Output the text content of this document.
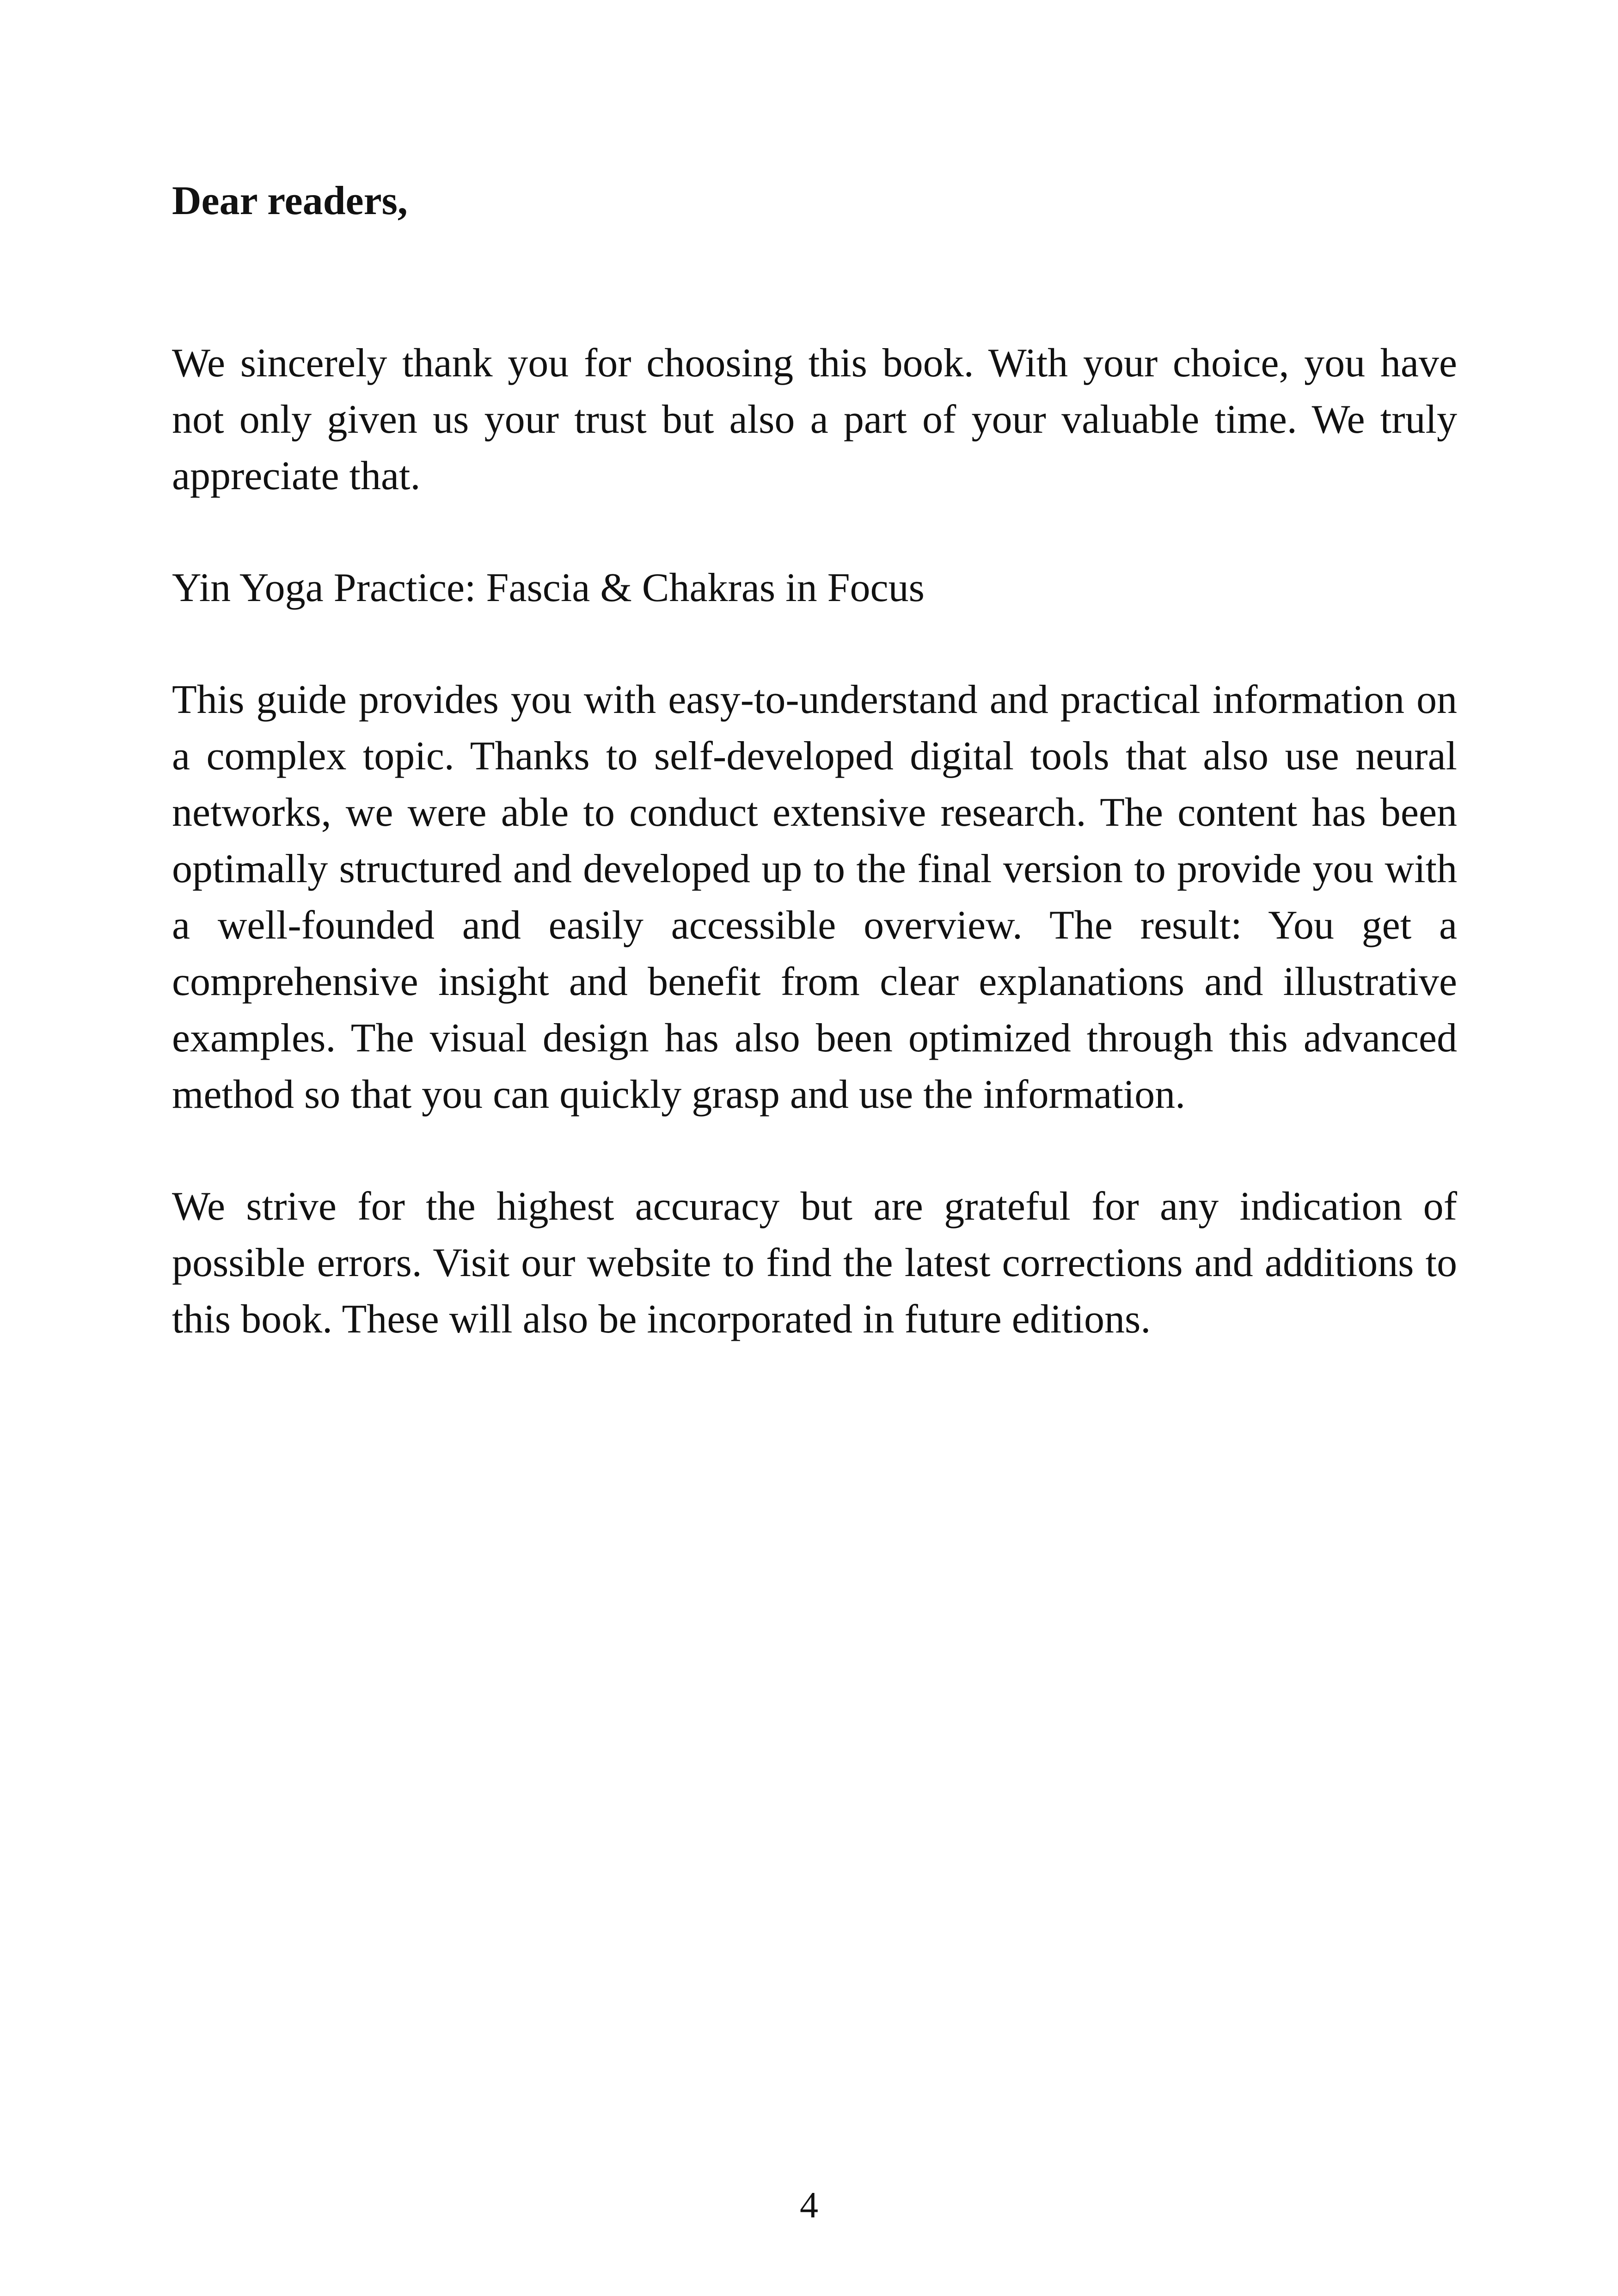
Dear readers,

We sincerely thank you for choosing this book. With your choice, you have not only given us your trust but also a part of your valuable time. We truly appreciate that.

Yin Yoga Practice: Fascia & Chakras in Focus

This guide provides you with easy-to-understand and practical information on a complex topic. Thanks to self-developed digital tools that also use neural networks, we were able to conduct extensive research. The content has been optimally structured and developed up to the final version to provide you with a well-founded and easily accessible overview. The result: You get a comprehensive insight and benefit from clear explanations and illustrative examples. The visual design has also been optimized through this advanced method so that you can quickly grasp and use the information.

We strive for the highest accuracy but are grateful for any indication of possible errors. Visit our website to find the latest corrections and additions to this book. These will also be incorporated in future editions.

4
